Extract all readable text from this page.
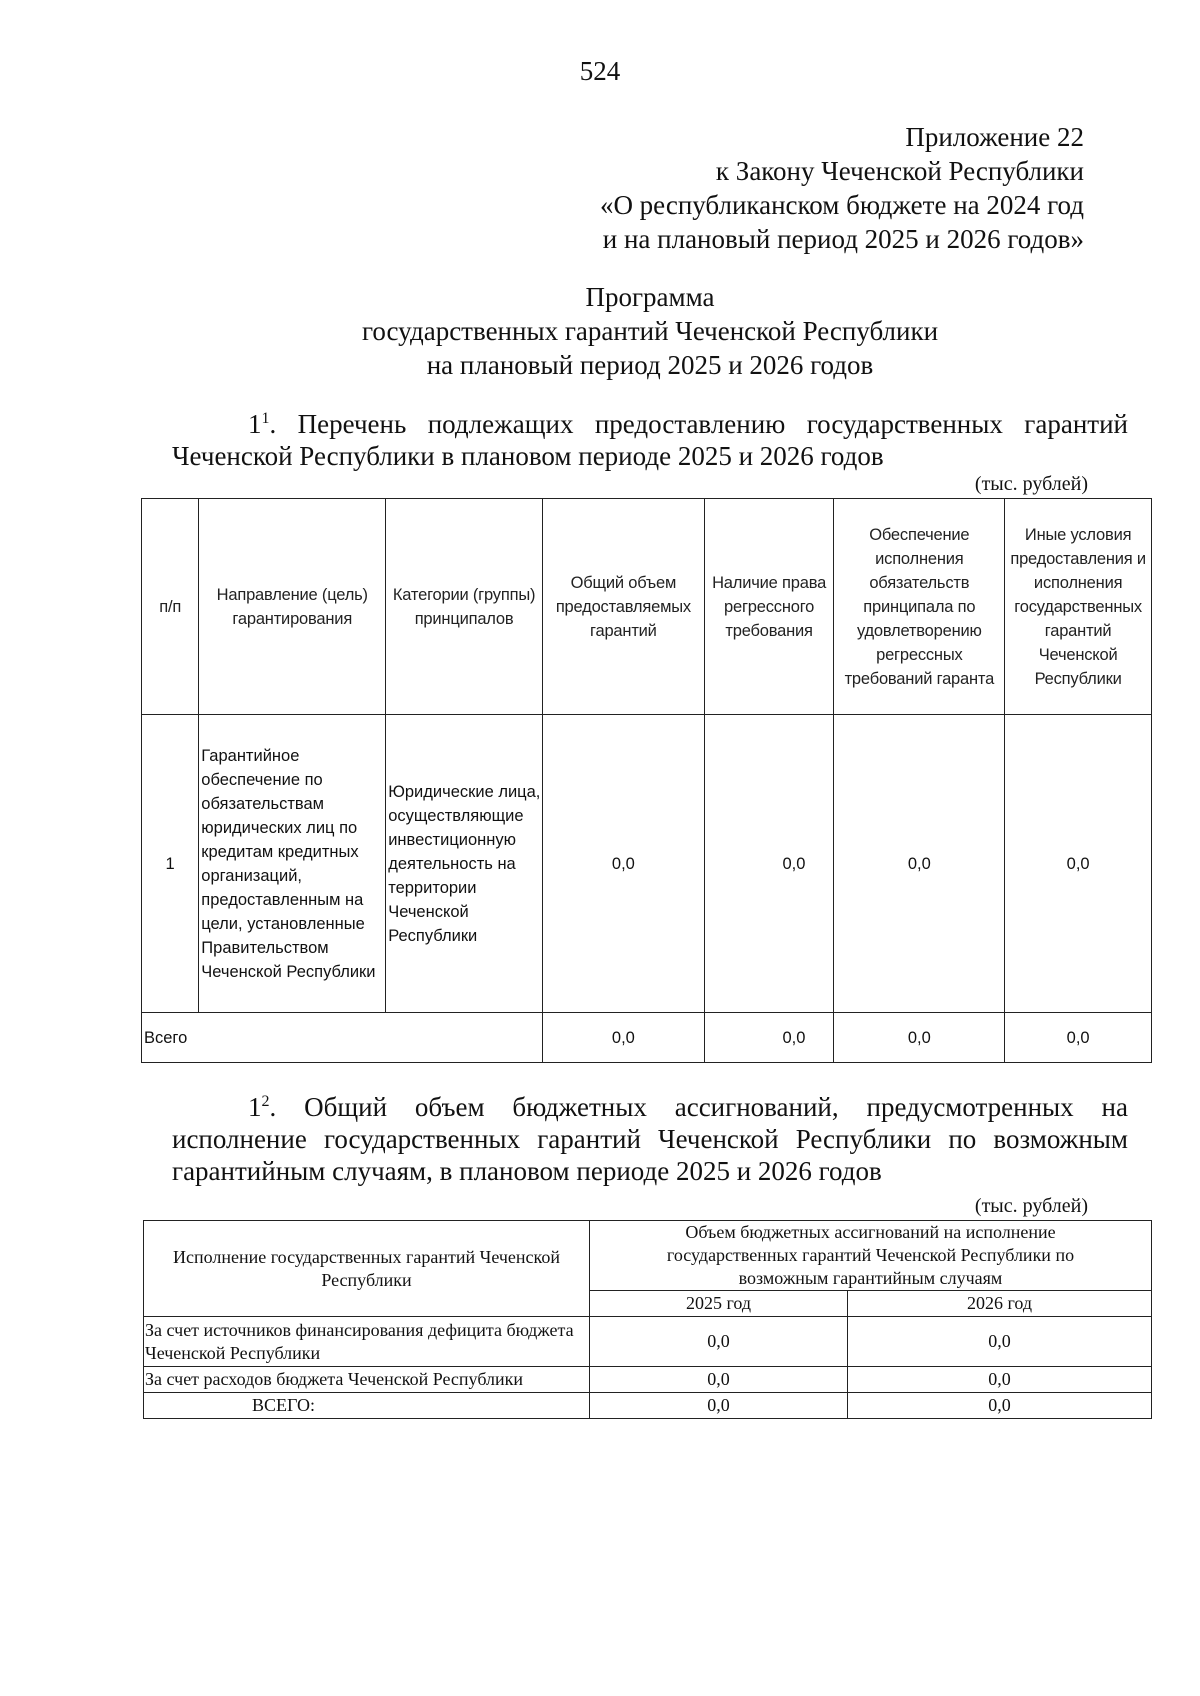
524
Приложение 22
к Закону Чеченской Республики
«О республиканском бюджете на 2024 год
и на плановый период 2025 и 2026 годов»
Программа
государственных гарантий Чеченской Республики
на плановый период 2025 и 2026 годов
$1^1$. Перечень подлежащих предоставлению государственных гарантий Чеченской Республики в плановом периоде 2025 и 2026 годов
(тыс. рублей)
п/п	Направление (цель) гарантирования	Категории (группы) принципалов	Общий объем предоставляемых гарантий	Наличие права регрессного требования	Обеспечение исполнения обязательств принципала по удовлетворению регрессных требований гаранта	Иные условия предоставления и исполнения государственных гарантий Чеченской Республики
1	Гарантийное обеспечение по обязательствам юридических лиц по кредитам кредитных организаций, предоставленным на цели, установленные Правительством Чеченской Республики	Юридические лица, осуществляющие инвестиционную деятельность на территории Чеченской Республики	0,0	0,0	0,0	0,0
Всего			0,0	0,0	0,0	0,0
$1^2$. Общий объем бюджетных ассигнований, предусмотренных на исполнение государственных гарантий Чеченской Республики по возможным гарантийным случаям, в плановом периоде 2025 и 2026 годов
(тыс. рублей)
Исполнение государственных гарантий Чеченской Республики	Объем бюджетных ассигнований на исполнение государственных гарантий Чеченской Республики по возможным гарантийным случаям	
	2025 год	2026 год
За счет источников финансирования дефицита бюджета Чеченской Республики	0,0	0,0
За счет расходов бюджета Чеченской Республики	0,0	0,0
ВСЕГО:	0,0	0,0
